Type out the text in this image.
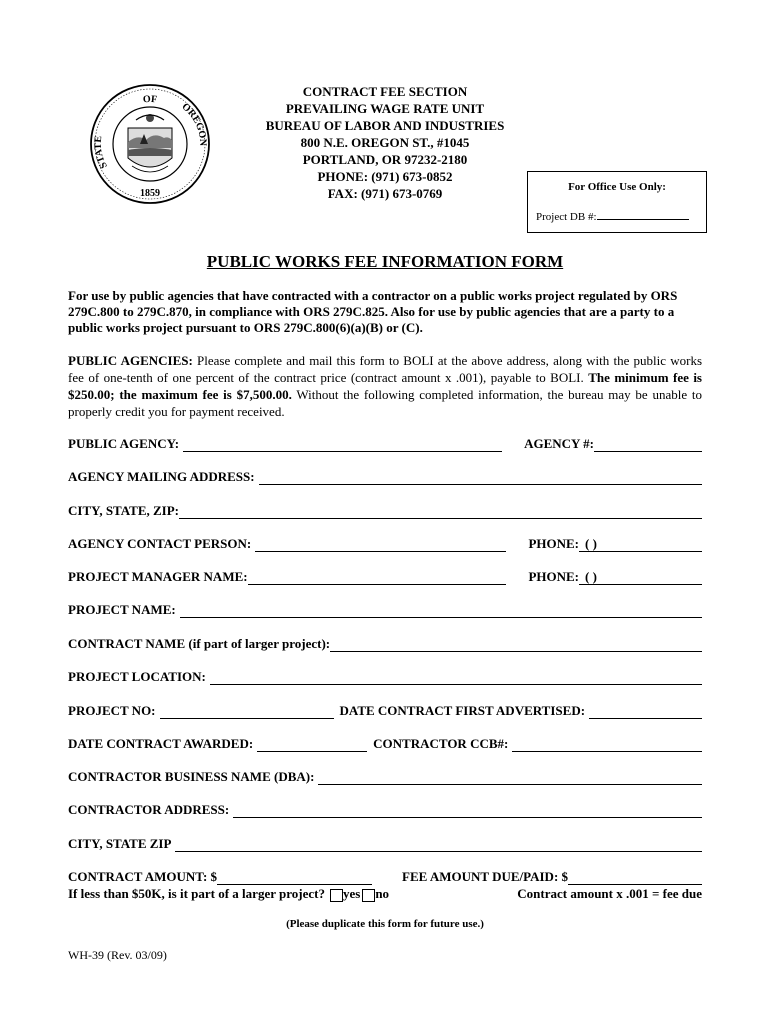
OF
STATE
OREGON
1859
CONTRACT FEE SECTION
PREVAILING WAGE RATE UNIT
BUREAU OF LABOR AND INDUSTRIES
800 N.E. OREGON ST., #1045
PORTLAND, OR 97232-2180
PHONE: (971) 673-0852
FAX: (971) 673-0769	For Office Use Only:
Project DB #:
PUBLIC WORKS FEE INFORMATION FORM
For use by public agencies that have contracted with a contractor on a public works project regulated by ORS 279C.800 to 279C.870, in compliance with ORS 279C.825. Also for use by public agencies that are a party to a public works project pursuant to ORS 279C.800(6)(a)(B) or (C).
PUBLIC AGENCIES: Please complete and mail this form to BOLI at the above address, along with the public works fee of one-tenth of one percent of the contract price (contract amount x .001), payable to BOLI. The minimum fee is $250.00; the maximum fee is $7,500.00. Without the following completed information, the bureau may be unable to properly credit you for payment received.
PUBLIC AGENCY:	AGENCY #:
AGENCY MAILING ADDRESS:
CITY, STATE, ZIP:
AGENCY CONTACT PERSON:	PHONE: ( )
PROJECT MANAGER NAME:	PHONE: ( )
PROJECT NAME:
CONTRACT NAME (if part of larger project):
PROJECT LOCATION:
PROJECT NO:	DATE CONTRACT FIRST ADVERTISED:
DATE CONTRACT AWARDED:	CONTRACTOR CCB#:
CONTRACTOR BUSINESS NAME (DBA):
CONTRACTOR ADDRESS:
CITY, STATE ZIP
CONTRACT AMOUNT: $	FEE AMOUNT DUE/PAID: $
If less than $50K, is it part of a larger project? yes no	Contract amount x .001 = fee due
(Please duplicate this form for future use.)
WH-39 (Rev. 03/09)
